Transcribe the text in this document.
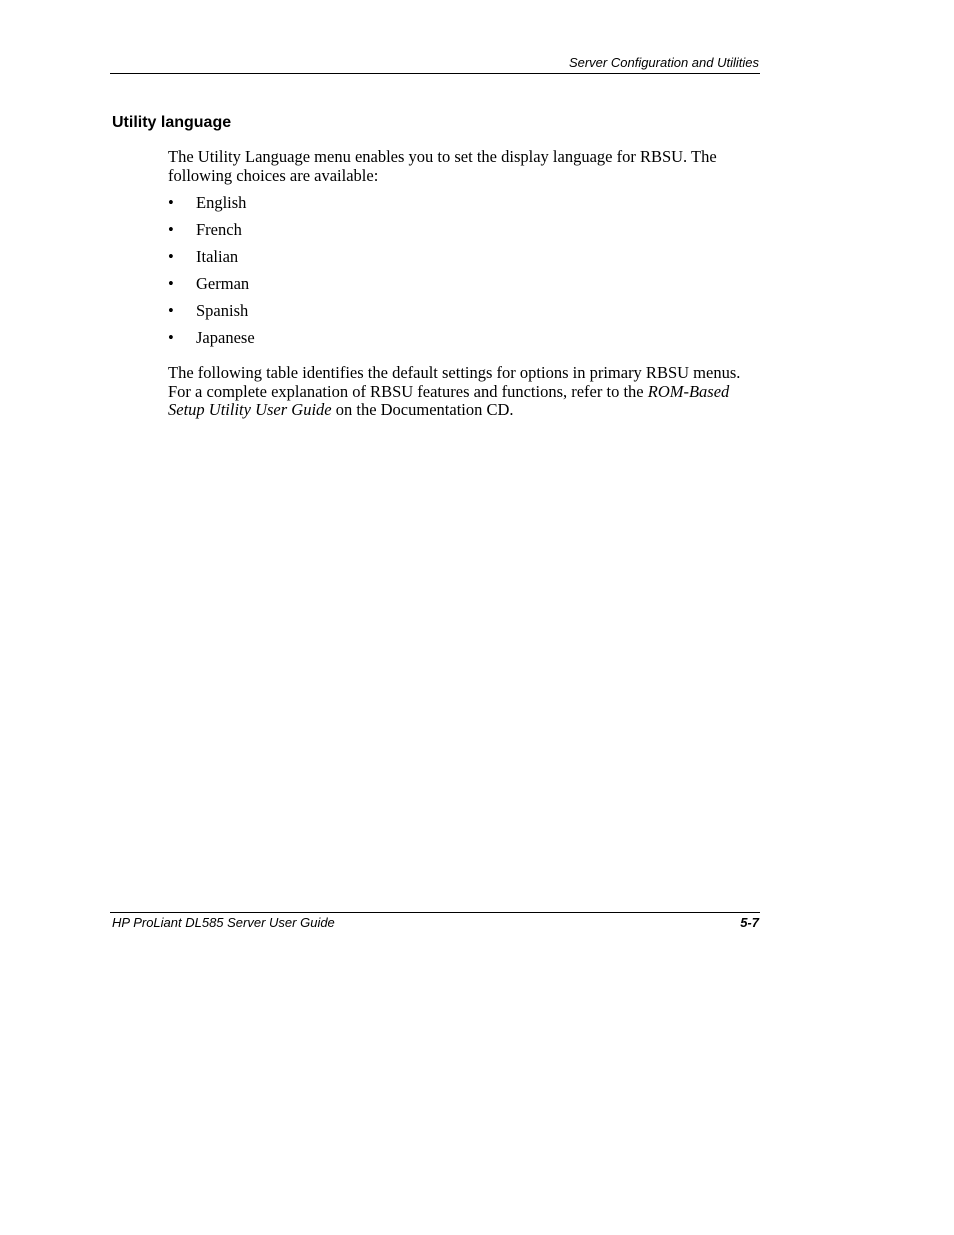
Server Configuration and Utilities
Utility language

The Utility Language menu enables you to set the display language for RBSU. The following choices are available:

•	English
•	French
•	Italian
•	German
•	Spanish
•	Japanese

The following table identifies the default settings for options in primary RBSU menus. For a complete explanation of RBSU features and functions, refer to the ROM-Based Setup Utility User Guide on the Documentation CD.

HP ProLiant DL585 Server User Guide	5-7
